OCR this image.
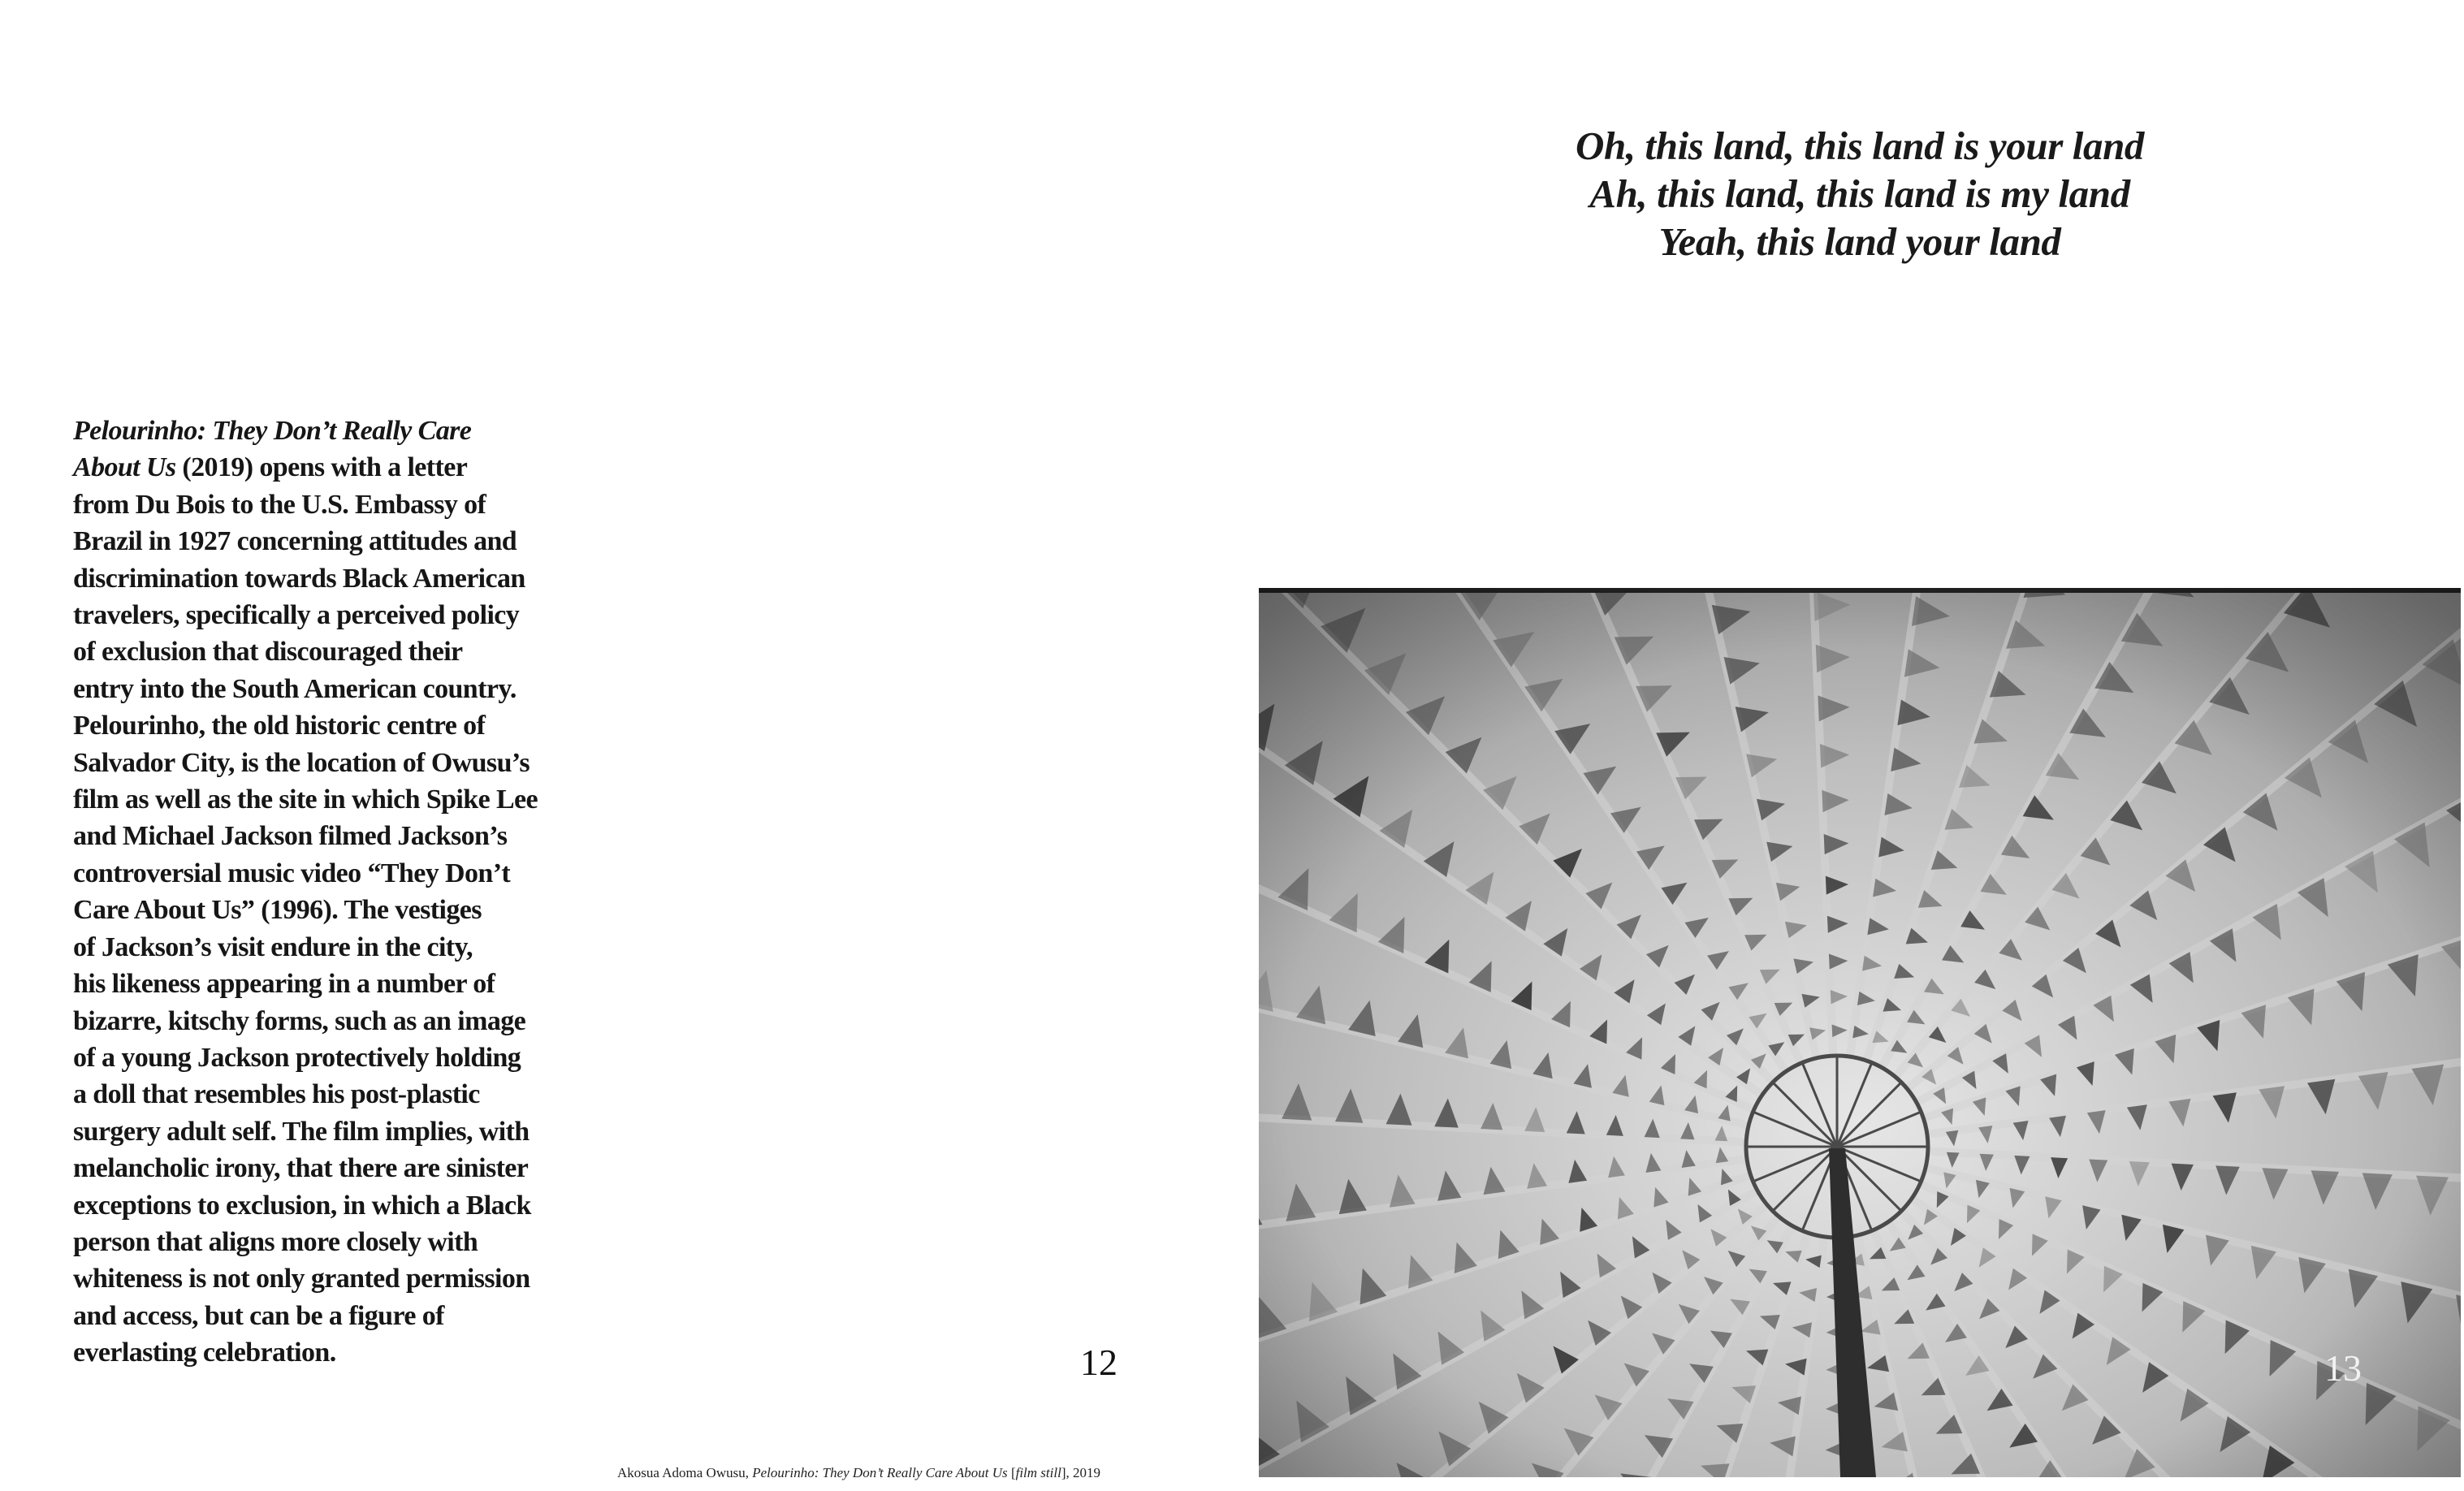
Pelourinho: They Don’t Really Care
About Us (2019) opens with a letter
from Du Bois to the U.S. Embassy of
Brazil in 1927 concerning attitudes and
discrimination towards Black American
travelers, specifically a perceived policy
of exclusion that discouraged their
entry into the South American country.
Pelourinho, the old historic centre of
Salvador City, is the location of Owusu’s
film as well as the site in which Spike Lee
and Michael Jackson filmed Jackson’s
controversial music video “They Don’t
Care About Us” (1996). The vestiges
of Jackson’s visit endure in the city,
his likeness appearing in a number of
bizarre, kitschy forms, such as an image
of a young Jackson protectively holding
a doll that resembles his post-plastic
surgery adult self. The film implies, with
melancholic irony, that there are sinister
exceptions to exclusion, in which a Black
person that aligns more closely with
whiteness is not only granted permission
and access, but can be a figure of
everlasting celebration.	12
Akosua Adoma Owusu, Pelourinho: They Don’t Really Care About Us [film still], 2019
Oh, this land, this land is your land
Ah, this land, this land is my land
Yeah, this land your land
13
